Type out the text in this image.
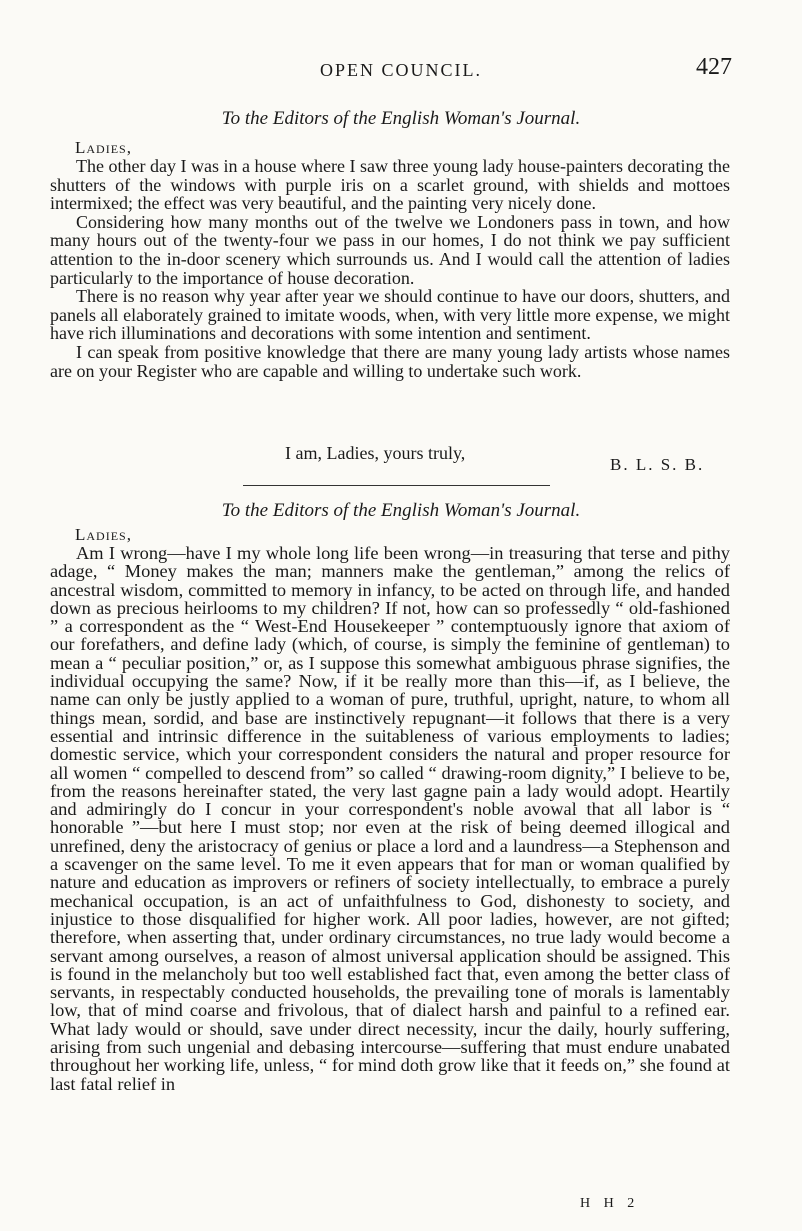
OPEN COUNCIL.	427
To the Editors of the English Woman's Journal.
Ladies,

The other day I was in a house where I saw three young lady house-painters decorating the shutters of the windows with purple iris on a scarlet ground, with shields and mottoes intermixed; the effect was very beautiful, and the painting very nicely done.

Considering how many months out of the twelve we Londoners pass in town, and how many hours out of the twenty-four we pass in our homes, I do not think we pay sufficient attention to the in-door scenery which surrounds us. And I would call the attention of ladies particularly to the importance of house decoration.

There is no reason why year after year we should continue to have our doors, shutters, and panels all elaborately grained to imitate woods, when, with very little more expense, we might have rich illuminations and decorations with some intention and sentiment.

I can speak from positive knowledge that there are many young lady artists whose names are on your Register who are capable and willing to undertake such work.

I am, Ladies, yours truly,
B. L. S. B.
To the Editors of the English Woman's Journal.
Ladies,

Am I wrong—have I my whole long life been wrong—in treasuring that terse and pithy adage, “ Money makes the man; manners make the gentleman,” among the relics of ancestral wisdom, committed to memory in infancy, to be acted on through life, and handed down as precious heirlooms to my children? If not, how can so professedly “ old-fashioned ” a correspondent as the “ West-End Housekeeper ” contemptuously ignore that axiom of our forefathers, and define lady (which, of course, is simply the feminine of gentleman) to mean a “ peculiar position,” or, as I suppose this somewhat ambiguous phrase signifies, the individual occupying the same? Now, if it be really more than this—if, as I believe, the name can only be justly applied to a woman of pure, truthful, upright, nature, to whom all things mean, sordid, and base are instinctively repugnant—it follows that there is a very essential and intrinsic difference in the suitableness of various employments to ladies; domestic service, which your correspondent considers the natural and proper resource for all women “ compelled to descend from” so called “ drawing-room dignity,” I believe to be, from the reasons hereinafter stated, the very last gagne pain a lady would adopt. Heartily and admiringly do I concur in your correspondent's noble avowal that all labor is “ honorable ”—but here I must stop; nor even at the risk of being deemed illogical and unrefined, deny the aristocracy of genius or place a lord and a laundress—a Stephenson and a scavenger on the same level. To me it even appears that for man or woman qualified by nature and education as improvers or refiners of society intellectually, to embrace a purely mechanical occupation, is an act of unfaithfulness to God, dishonesty to society, and injustice to those disqualified for higher work. All poor ladies, however, are not gifted; therefore, when asserting that, under ordinary circumstances, no true lady would become a servant among ourselves, a reason of almost universal application should be assigned. This is found in the melancholy but too well established fact that, even among the better class of servants, in respectably conducted households, the prevailing tone of morals is lamentably low, that of mind coarse and frivolous, that of dialect harsh and painful to a refined ear. What lady would or should, save under direct necessity, incur the daily, hourly suffering, arising from such ungenial and debasing intercourse—suffering that must endure unabated throughout her working life, unless, “ for mind doth grow like that it feeds on,” she found at last fatal relief in

H H 2
